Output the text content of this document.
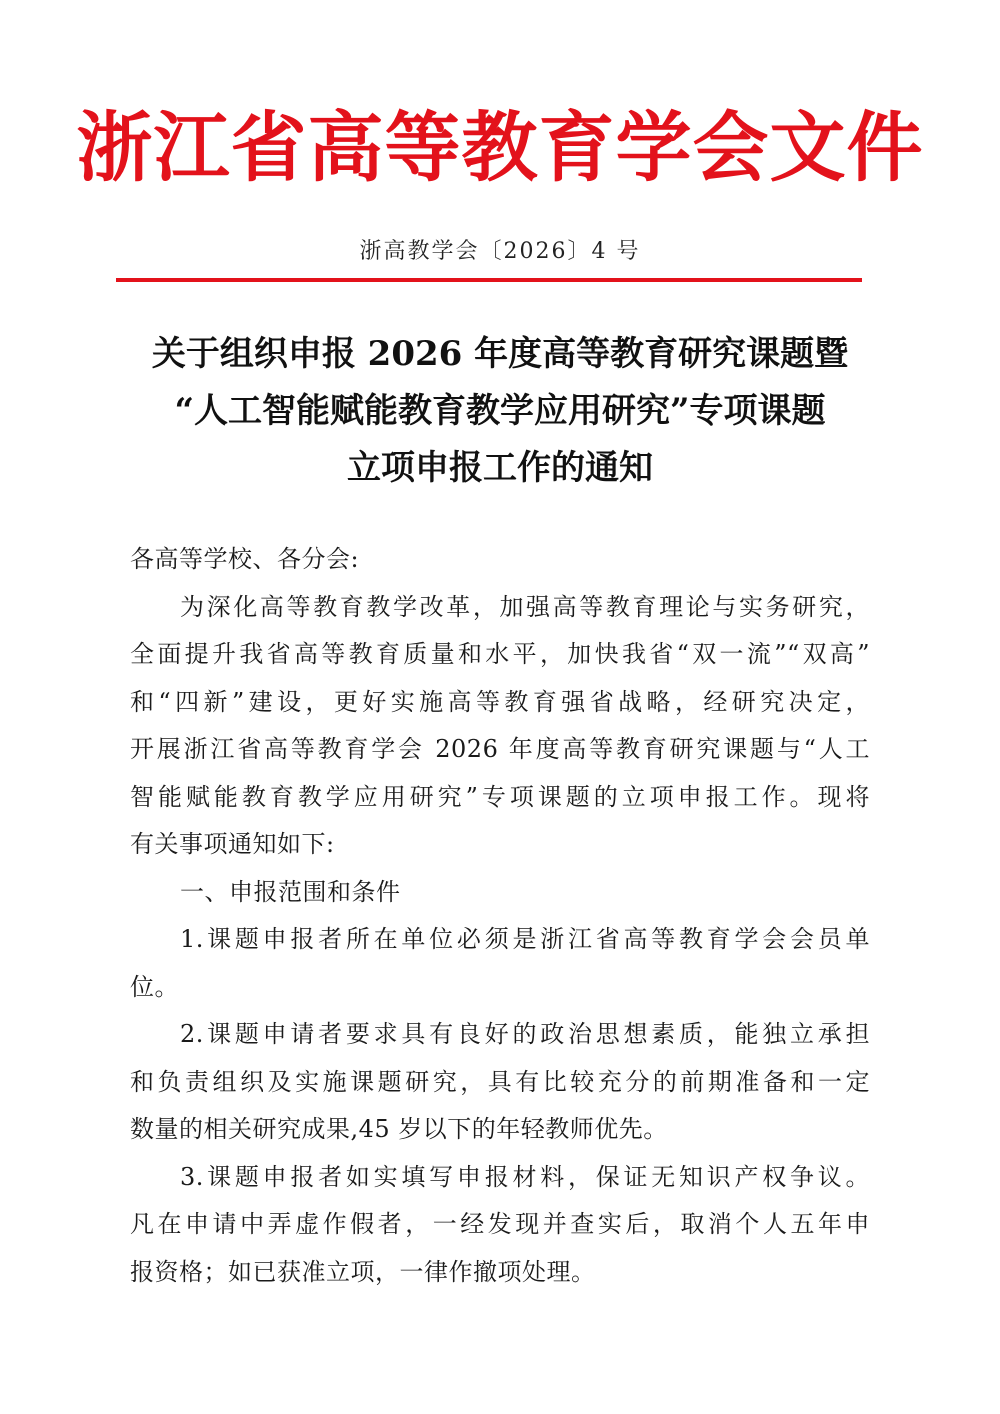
浙江省高等教育学会文件
浙高教学会〔2026〕4 号
关于组织申报 2026 年度高等教育研究课题暨
“人工智能赋能教育教学应用研究”专项课题
立项申报工作的通知
各高等学校、各分会:
为深化高等教育教学改革，加强高等教育理论与实务研究，
全面提升我省高等教育质量和水平，加快我省“双一流”“双高”
和“四新”建设，更好实施高等教育强省战略，经研究决定，
开展浙江省高等教育学会 2026 年度高等教育研究课题与“人工
智能赋能教育教学应用研究”专项课题的立项申报工作。现将
有关事项通知如下:
一、申报范围和条件
1.课题申报者所在单位必须是浙江省高等教育学会会员单
位。
2.课题申请者要求具有良好的政治思想素质，能独立承担
和负责组织及实施课题研究，具有比较充分的前期准备和一定
数量的相关研究成果,45 岁以下的年轻教师优先。
3.课题申报者如实填写申报材料，保证无知识产权争议。
凡在申请中弄虚作假者，一经发现并查实后，取消个人五年申
报资格；如已获准立项，一律作撤项处理。
